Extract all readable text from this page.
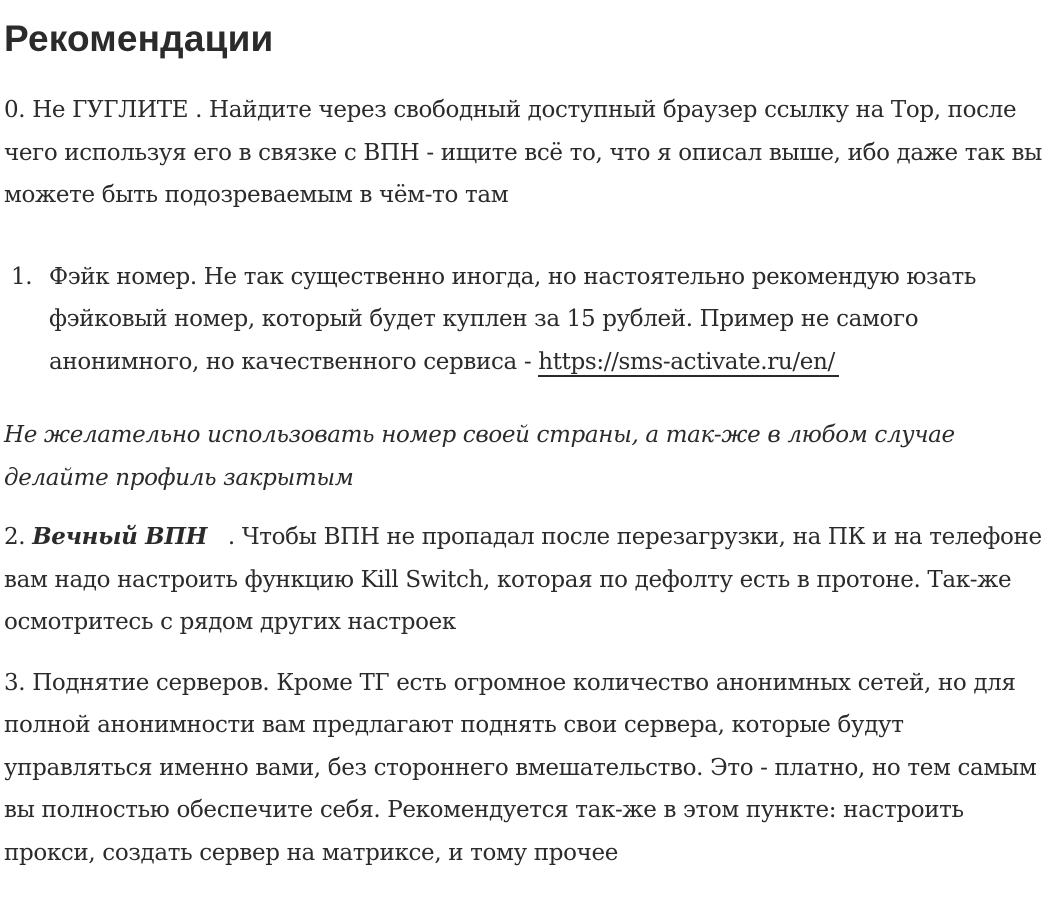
Рекомендации

0. Не ГУГЛИТЕ . Найдите через свободный доступный браузер ссылку на Тор, после чего используя его в связке с ВПН - ищите всё то, что я описал выше, ибо даже так вы можете быть подозреваемым в чём-то там

1. Фэйк номер. Не так существенно иногда, но настоятельно рекомендую юзать фэйковый номер, который будет куплен за 15 рублей. Пример не самого анонимного, но качественного сервиса - https://sms-activate.ru/en/

Не желательно использовать номер своей страны, а так-же в любом случае делайте профиль закрытым

2. Вечный ВПН   . Чтобы ВПН не пропадал после перезагрузки, на ПК и на телефоне вам надо настроить функцию Kill Switch, которая по дефолту есть в протоне. Так-же осмотритесь с рядом других настроек

3. Поднятие серверов. Кроме ТГ есть огромное количество анонимных сетей, но для полной анонимности вам предлагают поднять свои сервера, которые будут управляться именно вами, без стороннего вмешательство. Это - платно, но тем самым вы полностью обеспечите себя. Рекомендуется так-же в этом пункте: настроить прокси, создать сервер на матриксе, и тому прочее
